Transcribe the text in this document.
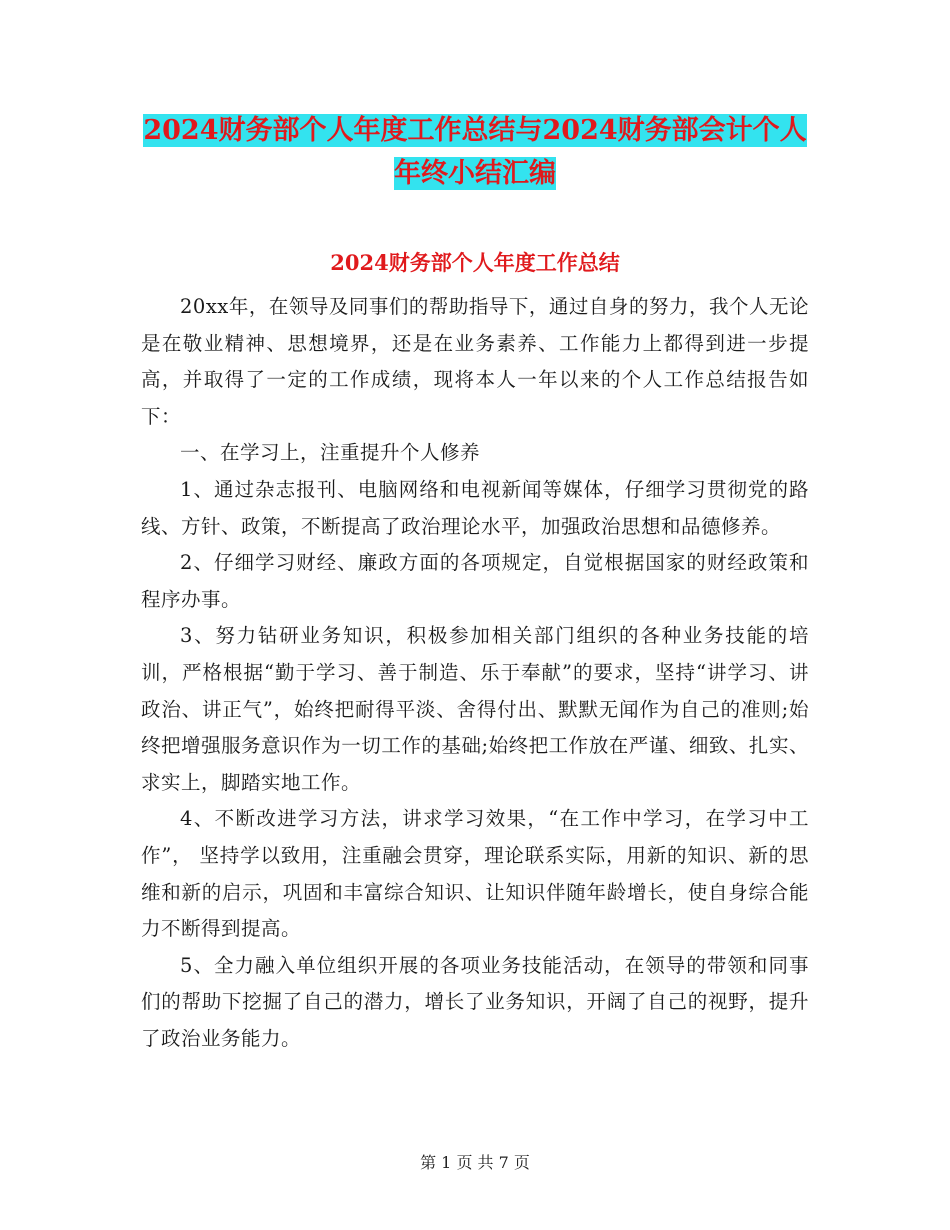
2024财务部个人年度工作总结与2024财务部会计个人
年终小结汇编
2024财务部个人年度工作总结

20xx年，在领导及同事们的帮助指导下，通过自身的努力，我个人无论是在敬业精神、思想境界，还是在业务素养、工作能力上都得到进一步提高，并取得了一定的工作成绩，现将本人一年以来的个人工作总结报告如下：

一、在学习上，注重提升个人修养

1、通过杂志报刊、电脑网络和电视新闻等媒体，仔细学习贯彻党的路线、方针、政策，不断提高了政治理论水平，加强政治思想和品德修养。

2、仔细学习财经、廉政方面的各项规定，自觉根据国家的财经政策和程序办事。

3、努力钻研业务知识，积极参加相关部门组织的各种业务技能的培训，严格根据“勤于学习、善于制造、乐于奉献”的要求，坚持“讲学习、讲政治、讲正气”，始终把耐得平淡、舍得付出、默默无闻作为自己的准则;始终把增强服务意识作为一切工作的基础;始终把工作放在严谨、细致、扎实、求实上，脚踏实地工作。

4、不断改进学习方法，讲求学习效果，“在工作中学习，在学习中工作”， 坚持学以致用，注重融会贯穿，理论联系实际，用新的知识、新的思维和新的启示，巩固和丰富综合知识、让知识伴随年龄增长，使自身综合能力不断得到提高。

5、全力融入单位组织开展的各项业务技能活动，在领导的带领和同事们的帮助下挖掘了自己的潜力，增长了业务知识，开阔了自己的视野，提升了政治业务能力。

第 1 页 共 7 页
